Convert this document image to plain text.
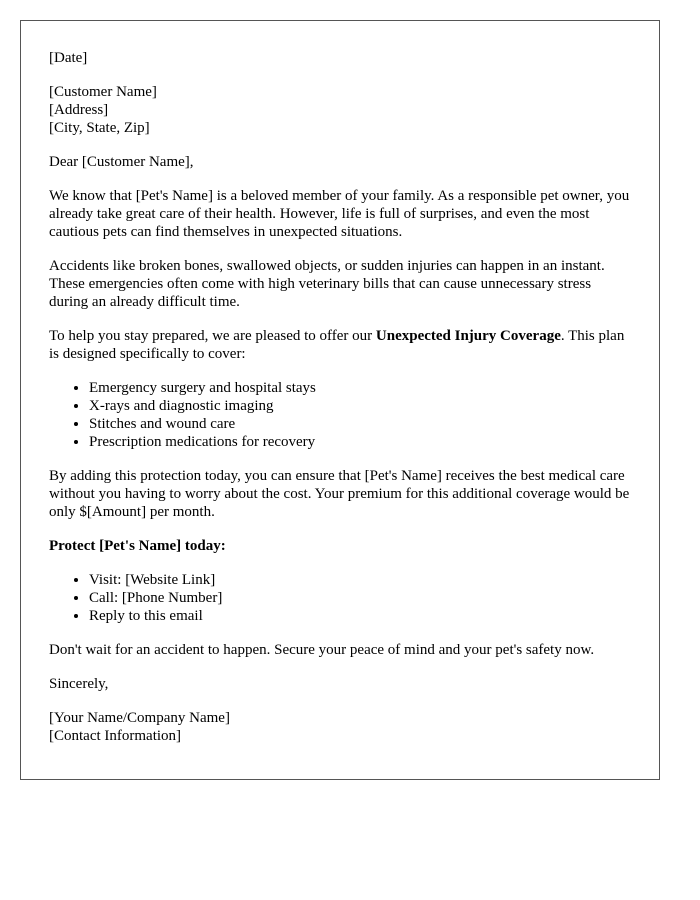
[Date]

[Customer Name]
[Address]
[City, State, Zip]

Dear [Customer Name],

We know that [Pet's Name] is a beloved member of your family. As a responsible pet owner, you already take great care of their health. However, life is full of surprises, and even the most cautious pets can find themselves in unexpected situations.

Accidents like broken bones, swallowed objects, or sudden injuries can happen in an instant. These emergencies often come with high veterinary bills that can cause unnecessary stress during an already difficult time.

To help you stay prepared, we are pleased to offer our Unexpected Injury Coverage. This plan is designed specifically to cover:

• Emergency surgery and hospital stays
• X-rays and diagnostic imaging
• Stitches and wound care
• Prescription medications for recovery

By adding this protection today, you can ensure that [Pet's Name] receives the best medical care without you having to worry about the cost. Your premium for this additional coverage would be only $[Amount] per month.

Protect [Pet's Name] today:

• Visit: [Website Link]
• Call: [Phone Number]
• Reply to this email

Don't wait for an accident to happen. Secure your peace of mind and your pet's safety now.

Sincerely,

[Your Name/Company Name]
[Contact Information]
